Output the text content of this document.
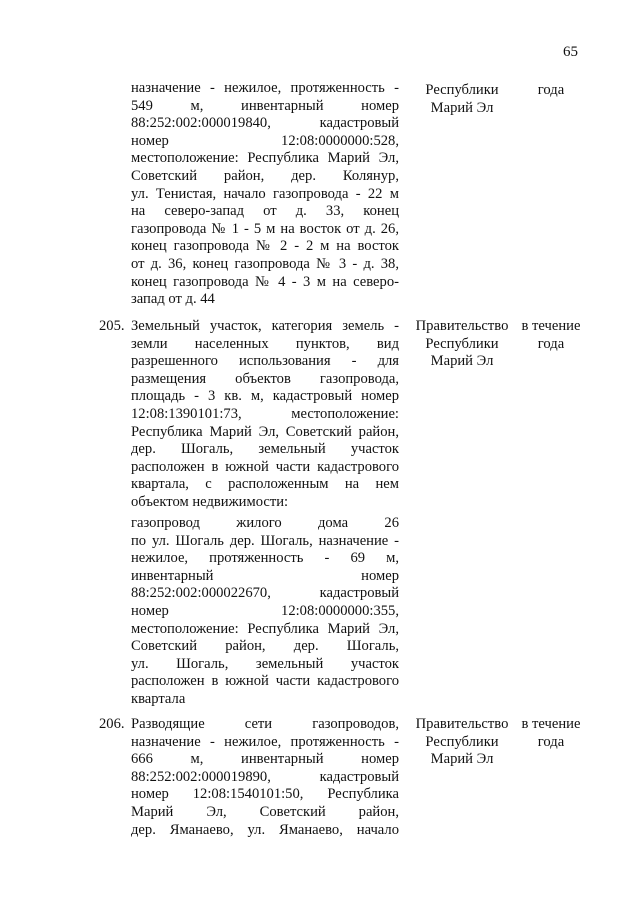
65
назначение - нежилое, протяженность -
549 м, инвентарный номер
88:252:002:000019840, кадастровый
номер 12:08:0000000:528,
местоположение: Республика Марий Эл,
Советский район, дер. Колянур,
ул. Тенистая, начало газопровода - 22 м
на северо-запад от д. 33, конец
газопровода № 1 - 5 м на восток от д. 26,
конец газопровода № 2 - 2 м на восток
от д. 36, конец газопровода № 3 - д. 38,
конец газопровода № 4 - 3 м на северо-
запад от д. 44
Республики
Марий Эл
года
205. Земельный участок, категория земель -
земли населенных пунктов, вид
разрешенного использования - для
размещения объектов газопровода,
площадь - 3 кв. м, кадастровый номер
12:08:1390101:73, местоположение:
Республика Марий Эл, Советский район,
дер. Шогаль, земельный участок
расположен в южной части кадастрового
квартала, с расположенным на нем
объектом недвижимости:
газопровод жилого дома 26
по ул. Шогаль дер. Шогаль, назначение -
нежилое, протяженность - 69 м,
инвентарный номер
88:252:002:000022670, кадастровый
номер 12:08:0000000:355,
местоположение: Республика Марий Эл,
Советский район, дер. Шогаль,
ул. Шогаль, земельный участок
расположен в южной части кадастрового
квартала
Правительство
Республики
Марий Эл
в течение
года
206. Разводящие сети газопроводов,
назначение - нежилое, протяженность -
666 м, инвентарный номер
88:252:002:000019890, кадастровый
номер 12:08:1540101:50, Республика
Марий Эл, Советский район,
дер. Яманаево, ул. Яманаево, начало
Правительство
Республики
Марий Эл
в течение
года
